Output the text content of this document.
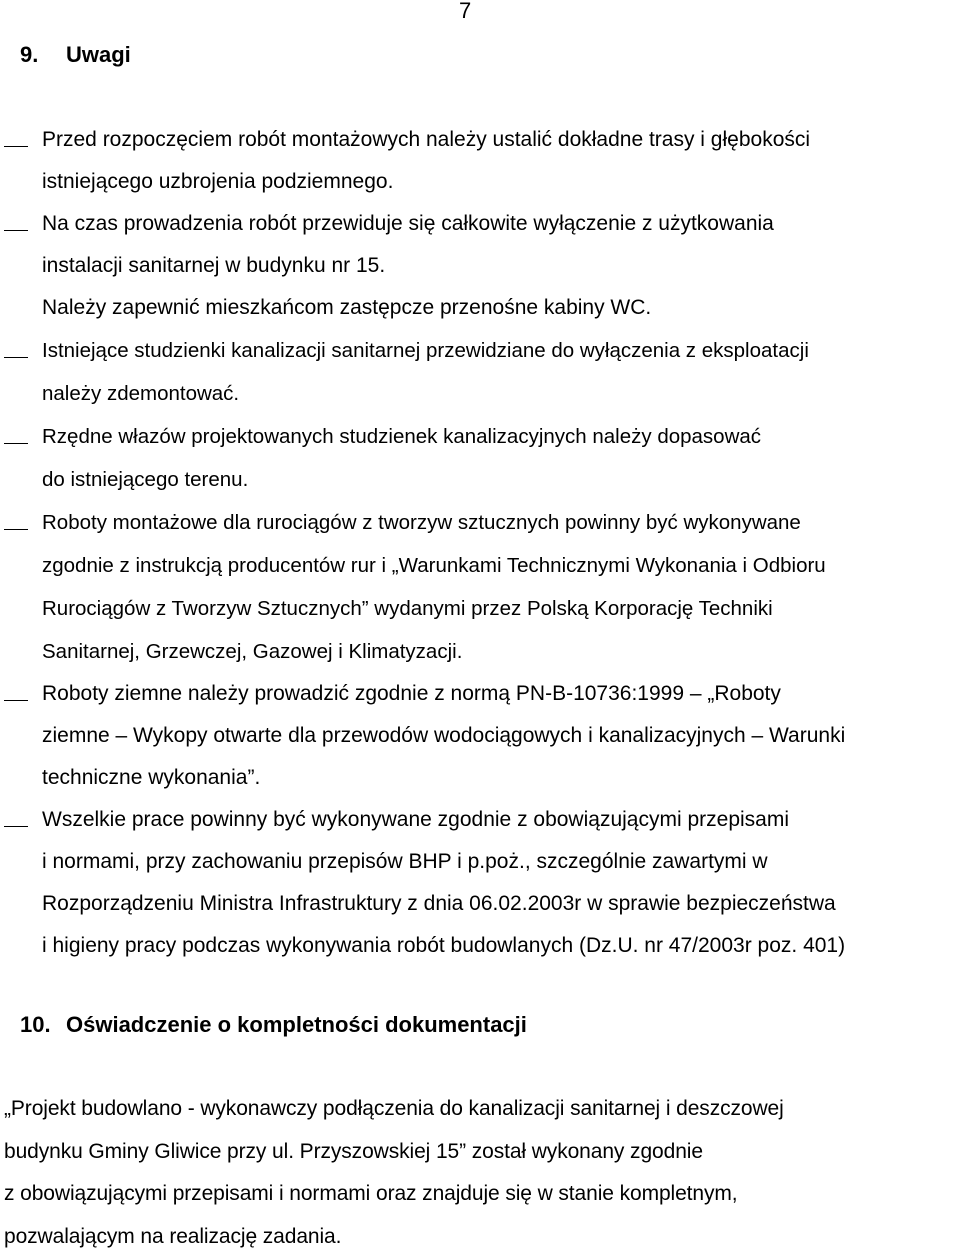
7
9. Uwagi
Przed rozpoczęciem robót montażowych należy ustalić dokładne trasy i głębokości
istniejącego uzbrojenia podziemnego.
Na czas prowadzenia robót przewiduje się całkowite wyłączenie z użytkowania
instalacji sanitarnej w budynku nr 15.
Należy zapewnić mieszkańcom zastępcze przenośne kabiny WC.
Istniejące studzienki kanalizacji sanitarnej przewidziane do wyłączenia z eksploatacji
należy zdemontować.
Rzędne włazów projektowanych studzienek kanalizacyjnych należy dopasować
do istniejącego terenu.
Roboty montażowe dla rurociągów z tworzyw sztucznych powinny być wykonywane
zgodnie z instrukcją producentów rur i „Warunkami Technicznymi Wykonania i Odbioru
Rurociągów z Tworzyw Sztucznych” wydanymi przez Polską Korporację Techniki
Sanitarnej, Grzewczej, Gazowej i Klimatyzacji.
Roboty ziemne należy prowadzić zgodnie z normą PN-B-10736:1999 – „Roboty
ziemne – Wykopy otwarte dla przewodów wodociągowych i kanalizacyjnych – Warunki
techniczne wykonania”.
Wszelkie prace powinny być wykonywane zgodnie z obowiązującymi przepisami
i normami, przy zachowaniu przepisów BHP i p.poż., szczególnie zawartymi w
Rozporządzeniu Ministra Infrastruktury z dnia 06.02.2003r w sprawie bezpieczeństwa
i higieny pracy podczas wykonywania robót budowlanych (Dz.U. nr 47/2003r poz. 401)
10. Oświadczenie o kompletności dokumentacji
„Projekt budowlano - wykonawczy podłączenia do kanalizacji sanitarnej i deszczowej
budynku Gminy Gliwice przy ul. Przyszowskiej 15” został wykonany zgodnie
z obowiązującymi przepisami i normami oraz znajduje się w stanie kompletnym,
pozwalającym na realizację zadania.
